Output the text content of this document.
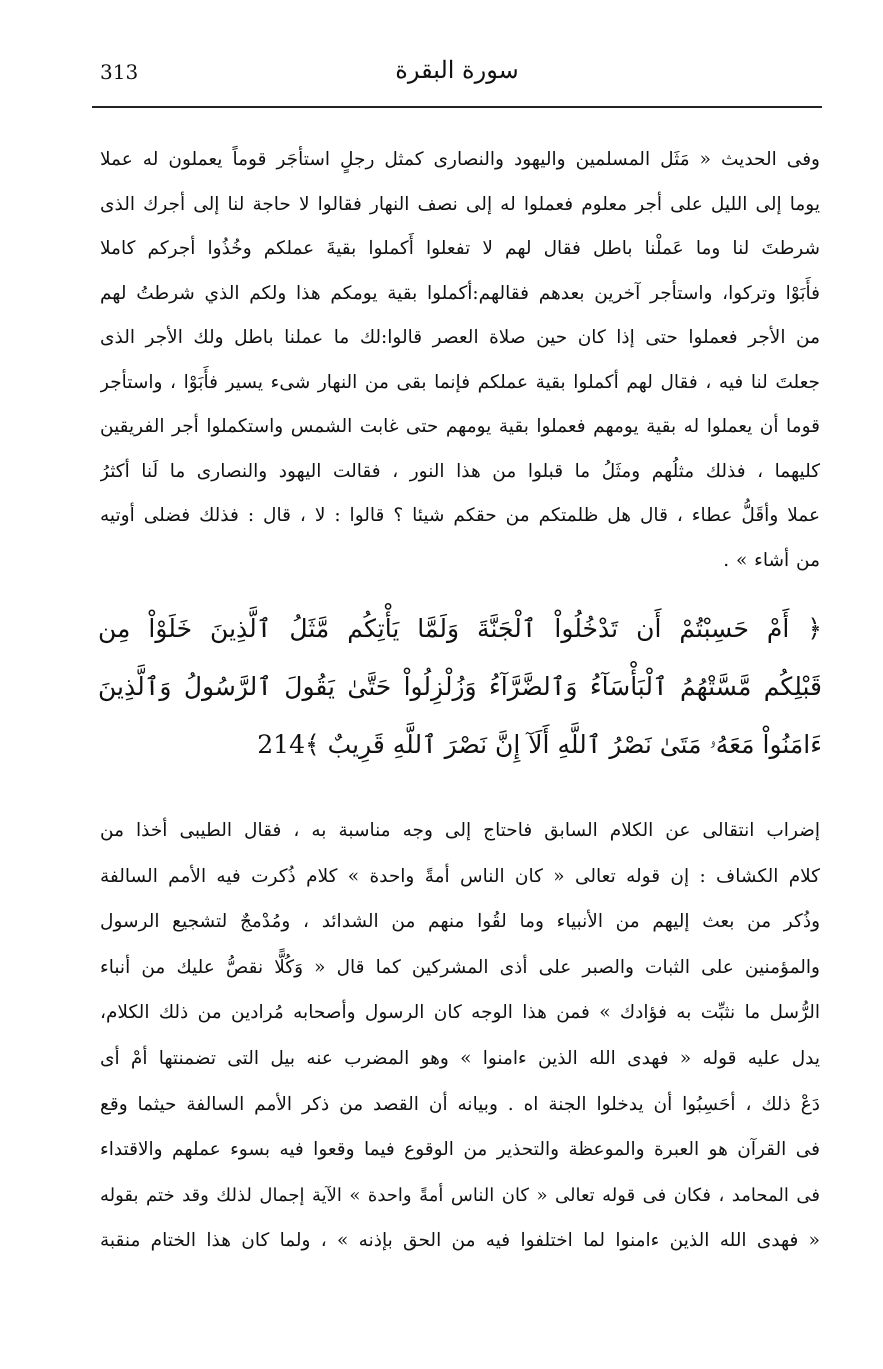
313	سورة البقرة
وفى الحديث « مَثَل المسلمين واليهود والنصارى كمثل رجلٍ استأجَر قوماً يعملون له عملا
يوما إلى الليل على أجر معلوم فعملوا له إلى نصف النهار فقالوا لا حاجة لنا إلى أجرك الذى
شرطتَ لنا وما عَملْنا باطل فقال لهم لا تفعلوا أَكملوا بقيةَ عملكم وخُذُوا أجركم كاملا
فأَبَوْا وتركوا، واستأجر آخرين بعدهم فقالهم:أكملوا بقية يومكم هذا ولكم الذي شرطتُ لهم
من الأجر فعملوا حتى إذا كان حين صلاة العصر قالوا:لك ما عملنا باطل ولك الأجر الذى
جعلتَ لنا فيه ، فقال لهم أكملوا بقية عملكم فإنما بقى من النهار شىء يسير فأَبَوْا ، واستأجر
قوما أن يعملوا له بقية يومهم فعملوا بقية يومهم حتى غابت الشمس واستكملوا أجر الفريقين
كليهما ، فذلك مثلُهم ومثَلُ ما قبلوا من هذا النور ، فقالت اليهود والنصارى ما لَنا أكثرُ
عملا وأقَلُّ عطاء ، قال هل ظلمتكم من حقكم شيئا ؟ قالوا : لا ، قال : فذلك فضلى أوتيه
من أشاء » .
﴿ أَمْ حَسِبْتُمْ أَن تَدْخُلُواْ ٱلْجَنَّةَ وَلَمَّا يَأْتِكُم مَّثَلُ ٱلَّذِينَ خَلَوْاْ مِن
قَبْلِكُم مَّسَّتْهُمُ ٱلْبَأْسَآءُ وَٱلضَّرَّآءُ وَزُلْزِلُواْ حَتَّىٰ يَقُولَ ٱلرَّسُولُ وَٱلَّذِينَ
ءَامَنُواْ مَعَهُۥ مَتَىٰ نَصْرُ ٱللَّهِ أَلَآ إِنَّ نَصْرَ ٱللَّهِ قَرِيبٌ ﴾214
إضراب انتقالى عن الكلام السابق فاحتاج إلى وجه مناسبة به ، فقال الطيبى أخذا من
كلام الكشاف : إن قوله تعالى « كان الناس أمةً واحدة » كلام ذُكرت فيه الأمم السالفة
وذُكر من بعث إليهم من الأنبياء وما لقُوا منهم من الشدائد ، ومُدْمجٌ لتشجيع الرسول
والمؤمنين على الثبات والصبر على أذى المشركين كما قال « وَكُلًّا نقصُّ عليك من أنباء
الرُّسل ما نثبِّت به فؤادك » فمن هذا الوجه كان الرسول وأصحابه مُرادين من ذلك الكلام،
يدل عليه قوله « فهدى الله الذين ءامنوا » وهو المضرب عنه بيل التى تضمنتها أمْ أى
دَعْ ذلك ، أحَسِبُوا أن يدخلوا الجنة اه . وبيانه أن القصد من ذكر الأمم السالفة حيثما وقع
فى القرآن هو العبرة والموعظة والتحذير من الوقوع فيما وقعوا فيه بسوء عملهم والاقتداء
فى المحامد ، فكان فى قوله تعالى « كان الناس أمةً واحدة » الآية إجمال لذلك وقد ختم بقوله
« فهدى الله الذين ءامنوا لما اختلفوا فيه من الحق بإذنه » ، ولما كان هذا الختام منقبة
